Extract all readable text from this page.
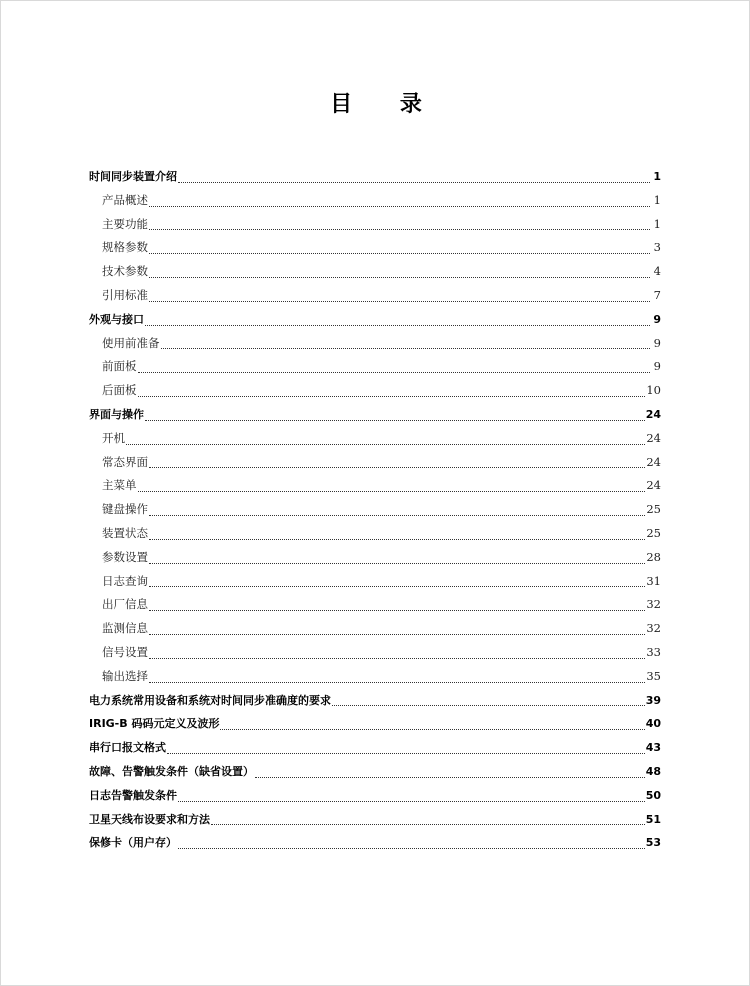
目 录
时间同步装置介绍	1
产品概述	1
主要功能	1
规格参数	3
技术参数	4
引用标准	7
外观与接口	9
使用前准备	9
前面板	9
后面板	10
界面与操作	24
开机	24
常态界面	24
主菜单	24
键盘操作	25
装置状态	25
参数设置	28
日志查询	31
出厂信息	32
监测信息	32
信号设置	33
输出选择	35
电力系统常用设备和系统对时间同步准确度的要求	39
IRIG-B 码码元定义及波形	40
串行口报文格式	43
故障、告警触发条件（缺省设置）	48
日志告警触发条件	50
卫星天线布设要求和方法	51
保修卡（用户存）	53
